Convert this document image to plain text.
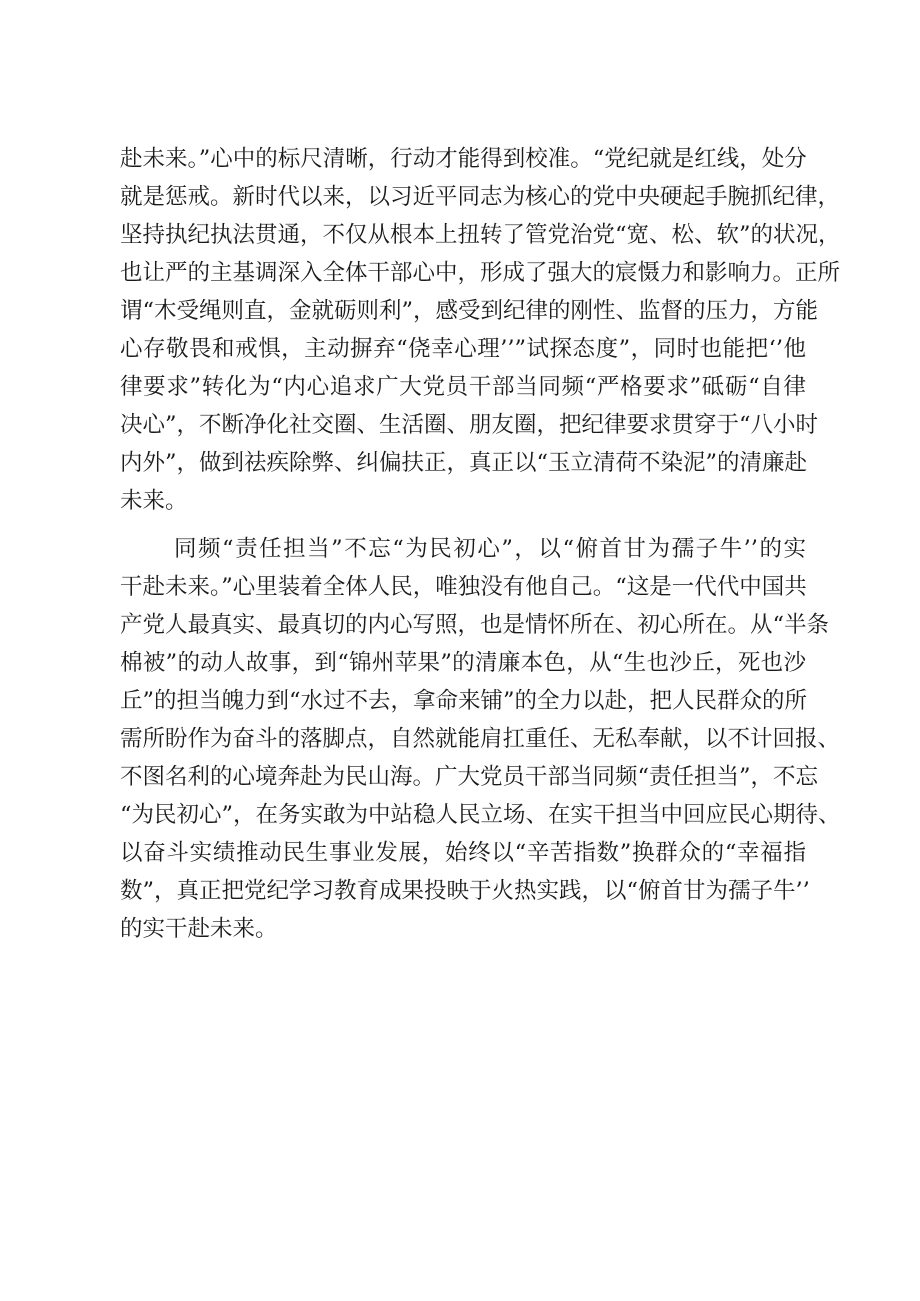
赴未来。”心中的标尺清晰，行动才能得到校准。“党纪就是红线，处分
就是惩戒。新时代以来，以习近平同志为核心的党中央硬起手腕抓纪律，
坚持执纪执法贯通，不仅从根本上扭转了管党治党“宽、松、软”的状况，
也让严的主基调深入全体干部心中，形成了强大的宸慑力和影响力。正所
谓“木受绳则直，金就砺则利”，感受到纪律的刚性、监督的压力，方能
心存敬畏和戒惧，主动摒弃“侥幸心理’’”试探态度”，同时也能把‘’他
律要求”转化为“内心追求广大党员干部当同频“严格要求”砥砺“自律
决心”，不断净化社交圈、生活圈、朋友圈，把纪律要求贯穿于“八小时
内外”，做到祛疾除弊、纠偏扶正，真正以“玉立清荷不染泥”的清廉赴
未来。
同频“责任担当”不忘“为民初心”，以“俯首甘为孺子牛’’的实
干赴未来。”心里装着全体人民，唯独没有他自己。“这是一代代中国共
产党人最真实、最真切的内心写照，也是情怀所在、初心所在。从“半条
棉被”的动人故事，到“锦州苹果”的清廉本色，从“生也沙丘，死也沙
丘”的担当魄力到“水过不去，拿命来铺”的全力以赴，把人民群众的所
需所盼作为奋斗的落脚点，自然就能肩扛重任、无私奉献，以不计回报、
不图名利的心境奔赴为民山海。广大党员干部当同频“责任担当”，不忘
“为民初心”，在务实敢为中站稳人民立场、在实干担当中回应民心期待、
以奋斗实绩推动民生事业发展，始终以“辛苦指数”换群众的“幸福指
数”，真正把党纪学习教育成果投映于火热实践，以“俯首甘为孺子牛’’
的实干赴未来。
